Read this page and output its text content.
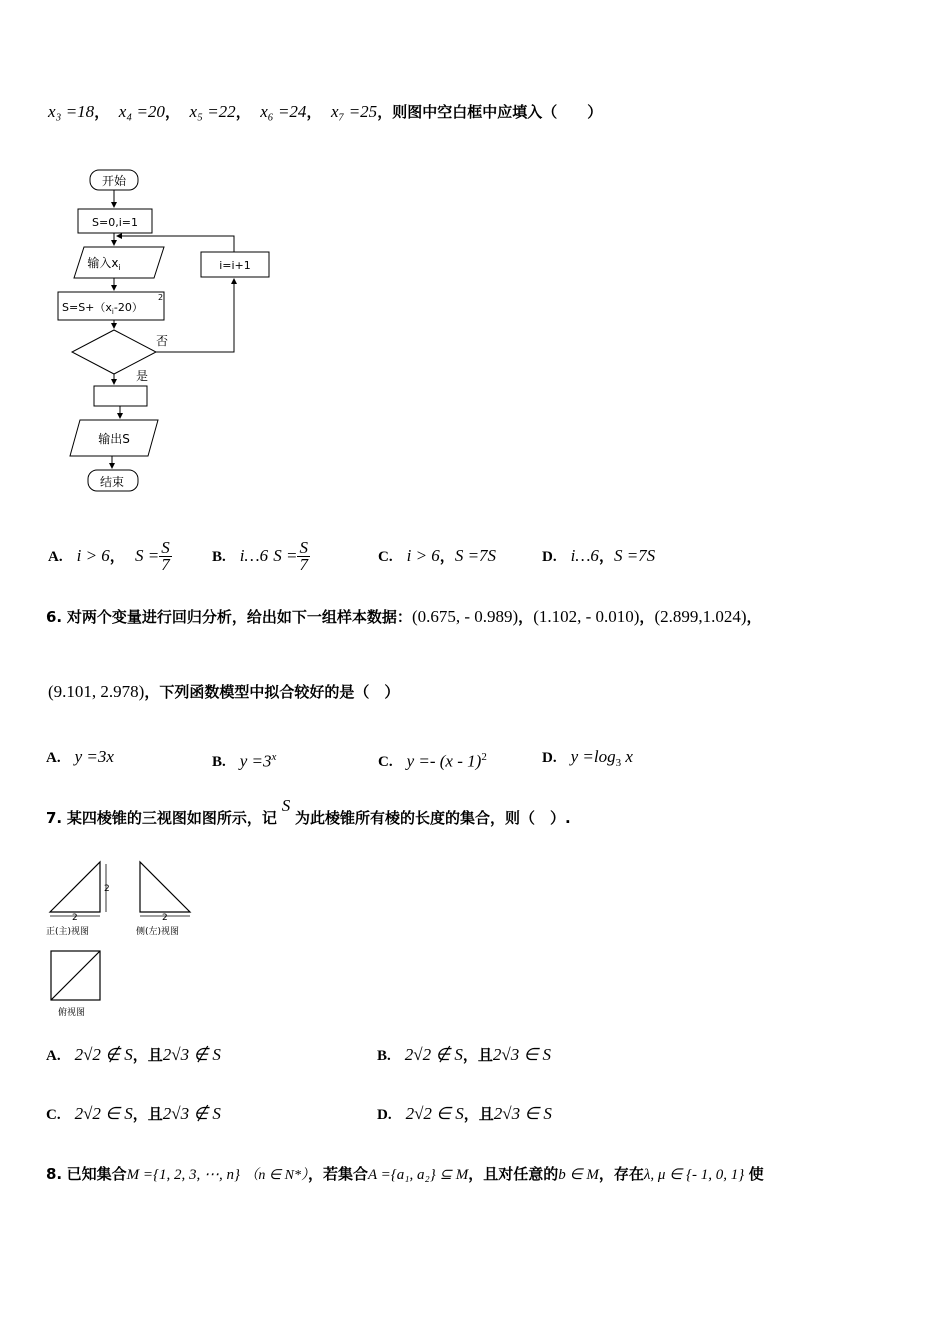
x₃ =18， x₄ =20， x₅ =22， x₆ =24， x₇ =25，则图中空白框中应填入（　　）
开始
S=0,i=1
输入$x_i$
$S=S+(x_i-20)$
2
i=i+1
否
是
输出S
结束
A. i > 6， $S = \frac{S}{7}$	B. i…6 $S = \frac{S}{7}$	C. i > 6，S =7S	D. i…6，S =7S
6. 对两个变量进行回归分析，给出如下一组样本数据：(0.675, - 0.989)，(1.102, - 0.010)，(2.899,1.024)，
(9.101, 2.978)，下列函数模型中拟合较好的是（　）
A. y =3x	B. $y =3^x$	C. y =- (x - 1)$^2$	D. $y =\log_3$ x
7. 某四棱锥的三视图如图所示，记 S 为此棱锥所有棱的长度的集合，则（　）.
2
2	2
正(主)视图	侧(左)视图
俯视图
A. 2√2 ∉ S，且2√3 ∉ S	B. 2√2 ∉ S，且2√3 ∈ S
C. 2√2 ∈ S，且2√3 ∉ S	D. 2√2 ∈ S，且2√3 ∈ S
8. 已知集合M ={1, 2, 3, ⋯, n} （n ∈ N*），若集合A ={a₁, a₂} ⊆ M，且对任意的b ∈ M，存在λ, μ ∈ {- 1, 0, 1} 使
